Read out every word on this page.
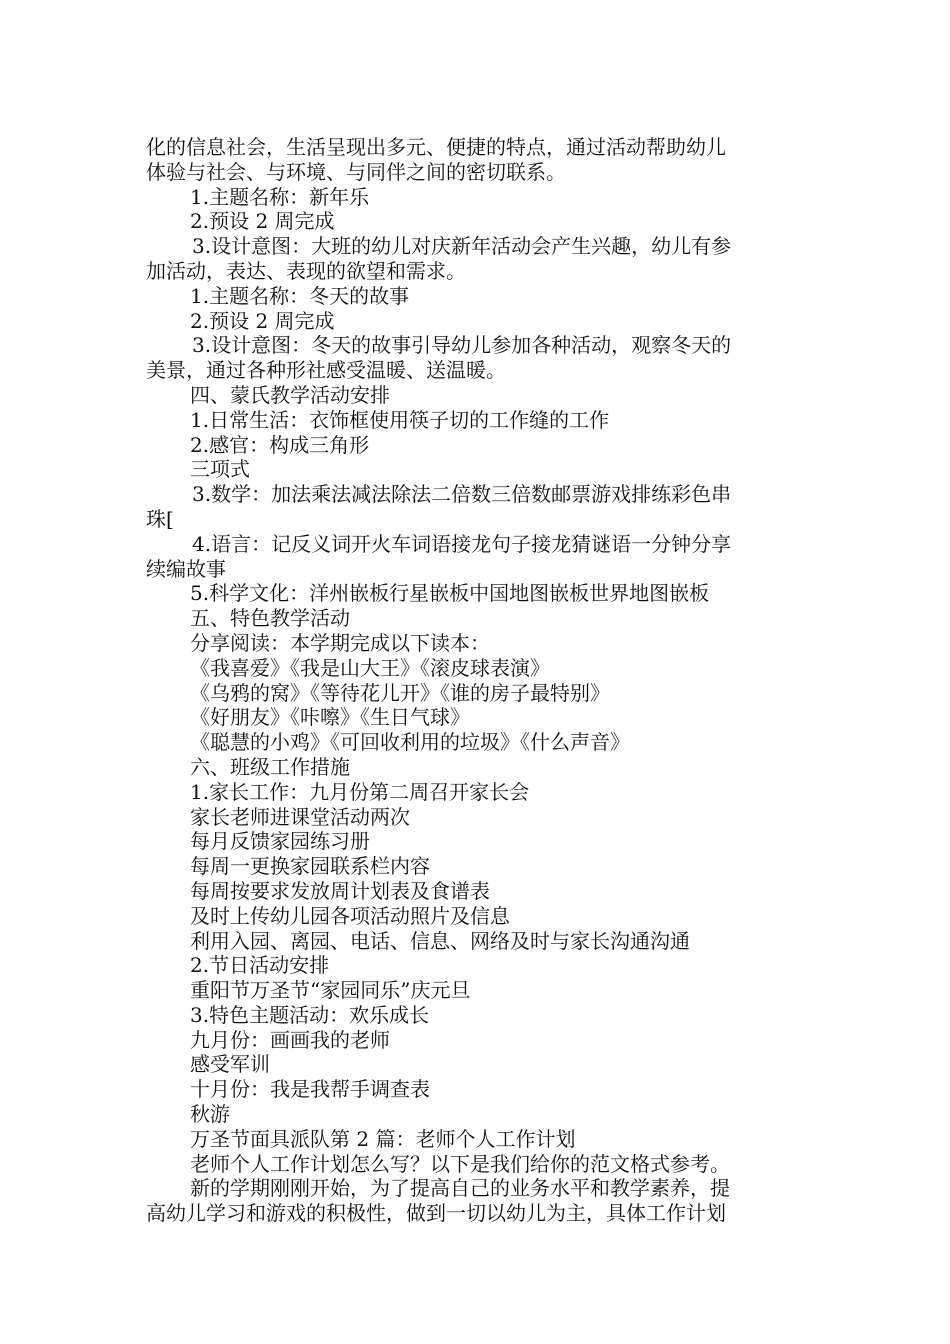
化的信息社会，生活呈现出多元、便捷的特点，通过活动帮助幼儿
体验与社会、与环境、与同伴之间的密切联系。
1.主题名称：新年乐
2.预设 2 周完成
3.设计意图：大班的幼儿对庆新年活动会产生兴趣，幼儿有参
加活动，表达、表现的欲望和需求。
1.主题名称：冬天的故事
2.预设 2 周完成
3.设计意图：冬天的故事引导幼儿参加各种活动，观察冬天的
美景，通过各种形社感受温暖、送温暖。
四、蒙氏教学活动安排
1.日常生活：衣饰框使用筷子切的工作缝的工作
2.感官：构成三角形
三项式
3.数学：加法乘法减法除法二倍数三倍数邮票游戏排练彩色串
珠[
4.语言：记反义词开火车词语接龙句子接龙猜谜语一分钟分享
续编故事
5.科学文化：洋州嵌板行星嵌板中国地图嵌板世界地图嵌板
五、特色教学活动
分享阅读：本学期完成以下读本：
《我喜爱》《我是山大王》《滚皮球表演》
《乌鸦的窝》《等待花儿开》《谁的房子最特别》
《好朋友》《咔嚓》《生日气球》
《聪慧的小鸡》《可回收利用的垃圾》《什么声音》
六、班级工作措施
1.家长工作：九月份第二周召开家长会
家长老师进课堂活动两次
每月反馈家园练习册
每周一更换家园联系栏内容
每周按要求发放周计划表及食谱表
及时上传幼儿园各项活动照片及信息
利用入园、离园、电话、信息、网络及时与家长沟通沟通
2.节日活动安排
重阳节万圣节“家园同乐”庆元旦
3.特色主题活动：欢乐成长
九月份：画画我的老师
感受军训
十月份：我是我帮手调查表
秋游
万圣节面具派队第 2 篇：老师个人工作计划
老师个人工作计划怎么写？以下是我们给你的范文格式参考。
新的学期刚刚开始，为了提高自己的业务水平和教学素养，提
高幼儿学习和游戏的积极性，做到一切以幼儿为主，具体工作计划
